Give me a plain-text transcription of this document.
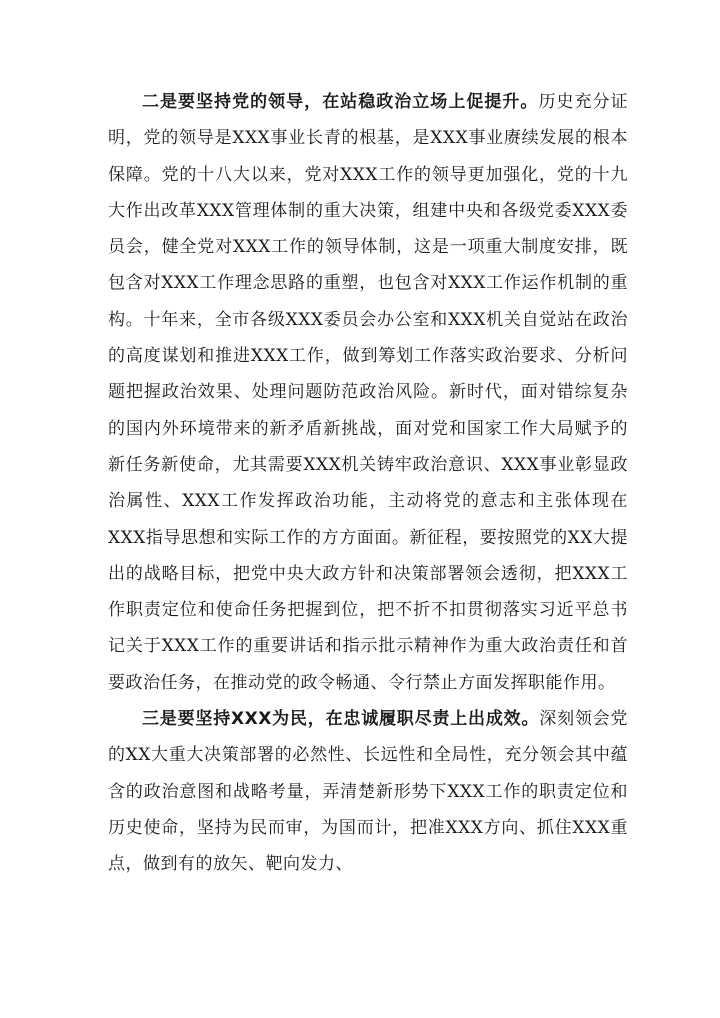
二是要坚持党的领导，在站稳政治立场上促提升。历史充分证明，党的领导是XXX事业长青的根基，是XXX事业赓续发展的根本保障。党的十八大以来，党对XXX工作的领导更加强化，党的十九大作出改革XXX管理体制的重大决策，组建中央和各级党委XXX委员会，健全党对XXX工作的领导体制，这是一项重大制度安排，既包含对XXX工作理念思路的重塑，也包含对XXX工作运作机制的重构。十年来，全市各级XXX委员会办公室和XXX机关自觉站在政治的高度谋划和推进XXX工作，做到筹划工作落实政治要求、分析问题把握政治效果、处理问题防范政治风险。新时代，面对错综复杂的国内外环境带来的新矛盾新挑战，面对党和国家工作大局赋予的新任务新使命，尤其需要XXX机关铸牢政治意识、XXX事业彰显政治属性、XXX工作发挥政治功能，主动将党的意志和主张体现在XXX指导思想和实际工作的方方面面。新征程，要按照党的XX大提出的战略目标，把党中央大政方针和决策部署领会透彻，把XXX工作职责定位和使命任务把握到位，把不折不扣贯彻落实习近平总书记关于XXX工作的重要讲话和指示批示精神作为重大政治责任和首要政治任务，在推动党的政令畅通、令行禁止方面发挥职能作用。

三是要坚持XXX为民，在忠诚履职尽责上出成效。深刻领会党的XX大重大决策部署的必然性、长远性和全局性，充分领会其中蕴含的政治意图和战略考量，弄清楚新形势下XXX工作的职责定位和历史使命，坚持为民而审，为国而计，把准XXX方向、抓住XXX重点，做到有的放矢、靶向发力、
